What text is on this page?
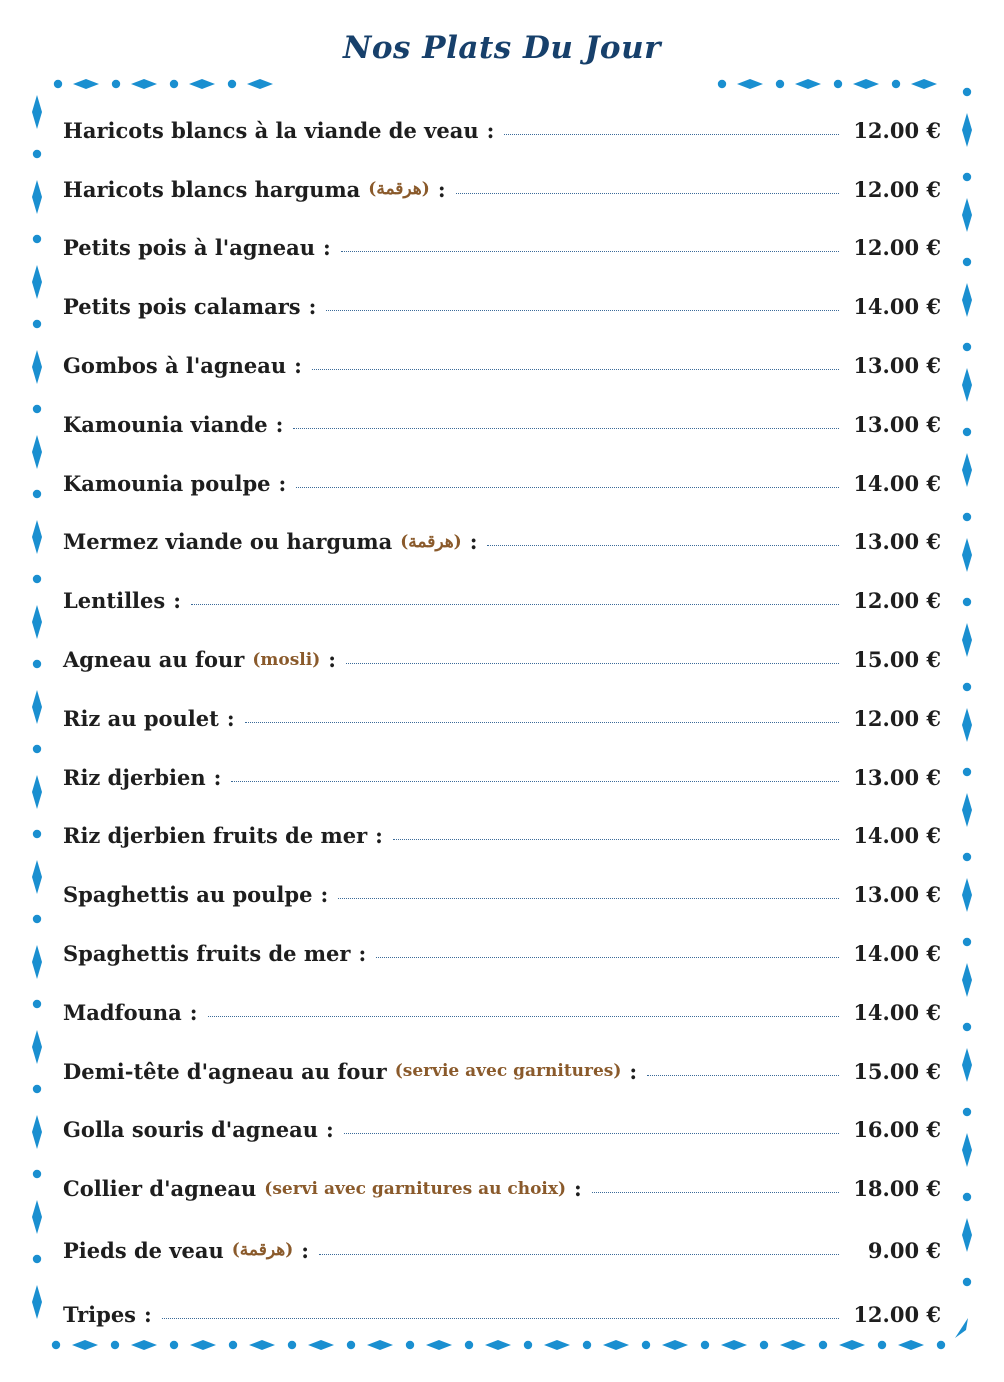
Nos Plats Du Jour
Haricots blancs à la viande de veau :	12.00 €
Haricots blancs harguma (هرقمة) :	12.00 €
Petits pois à l'agneau :	12.00 €
Petits pois calamars :	14.00 €
Gombos à l'agneau :	13.00 €
Kamounia viande :	13.00 €
Kamounia poulpe :	14.00 €
Mermez viande ou harguma (هرقمة) :	13.00 €
Lentilles :	12.00 €
Agneau au four (mosli) :	15.00 €
Riz au poulet :	12.00 €
Riz djerbien :	13.00 €
Riz djerbien fruits de mer :	14.00 €
Spaghettis au poulpe :	13.00 €
Spaghettis fruits de mer :	14.00 €
Madfouna :	14.00 €
Demi-tête d'agneau au four (servie avec garnitures) :	15.00 €
Golla souris d'agneau :	16.00 €
Collier d'agneau (servi avec garnitures au choix) :	18.00 €
Pieds de veau (هرقمة) :	9.00 €
Tripes :	12.00 €
